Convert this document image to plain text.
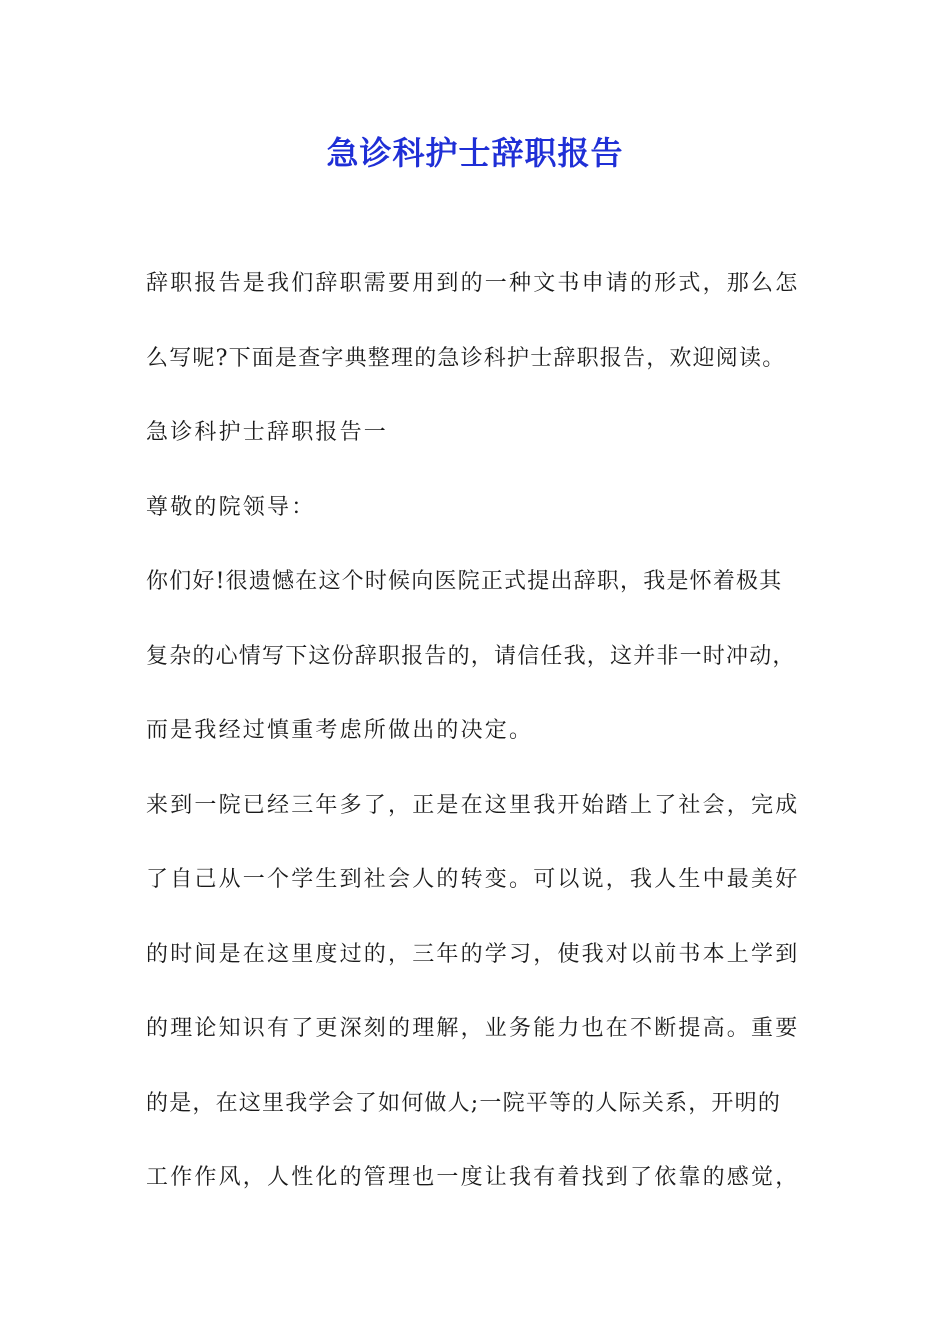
急诊科护士辞职报告

辞职报告是我们辞职需要用到的一种文书申请的形式，那么怎

么写呢?下面是查字典整理的急诊科护士辞职报告，欢迎阅读。

急诊科护士辞职报告一

尊敬的院领导：

你们好!很遗憾在这个时候向医院正式提出辞职，我是怀着极其

复杂的心情写下这份辞职报告的，请信任我，这并非一时冲动，

而是我经过慎重考虑所做出的决定。

来到一院已经三年多了，正是在这里我开始踏上了社会，完成

了自己从一个学生到社会人的转变。可以说，我人生中最美好

的时间是在这里度过的，三年的学习，使我对以前书本上学到

的理论知识有了更深刻的理解，业务能力也在不断提高。重要

的是，在这里我学会了如何做人;一院平等的人际关系，开明的

工作作风，人性化的管理也一度让我有着找到了依靠的感觉，
